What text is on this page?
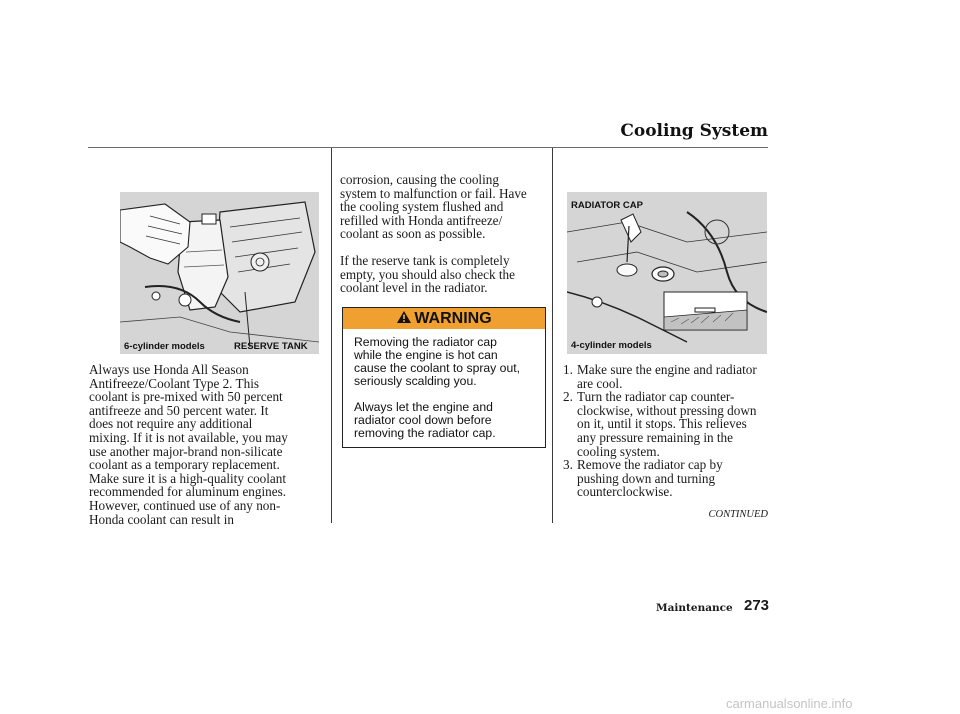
Cooling System
6-cylinder models	RESERVE TANK
Always use Honda All Season
Antifreeze/Coolant Type 2. This
coolant is pre-mixed with 50 percent
antifreeze and 50 percent water. It
does not require any additional
mixing. If it is not available, you may
use another major-brand non-silicate
coolant as a temporary replacement.
Make sure it is a high-quality coolant
recommended for aluminum engines.
However, continued use of any non-
Honda coolant can result in
corrosion, causing the cooling
system to malfunction or fail. Have
the cooling system flushed and
refilled with Honda antifreeze/
coolant as soon as possible.
If the reserve tank is completely
empty, you should also check the
coolant level in the radiator.
WARNING

Removing the radiator cap
while the engine is hot can
cause the coolant to spray out,
seriously scalding you.

Always let the engine and
radiator cool down before
removing the radiator cap.

RADIATOR CAP
4-cylinder models
1. Make sure the engine and radiator
are cool.
2. Turn the radiator cap counter-
clockwise, without pressing down
on it, until it stops. This relieves
any pressure remaining in the
cooling system.
3. Remove the radiator cap by
pushing down and turning
counterclockwise.
CONTINUED
Maintenance 273
carmanualsonline.info
